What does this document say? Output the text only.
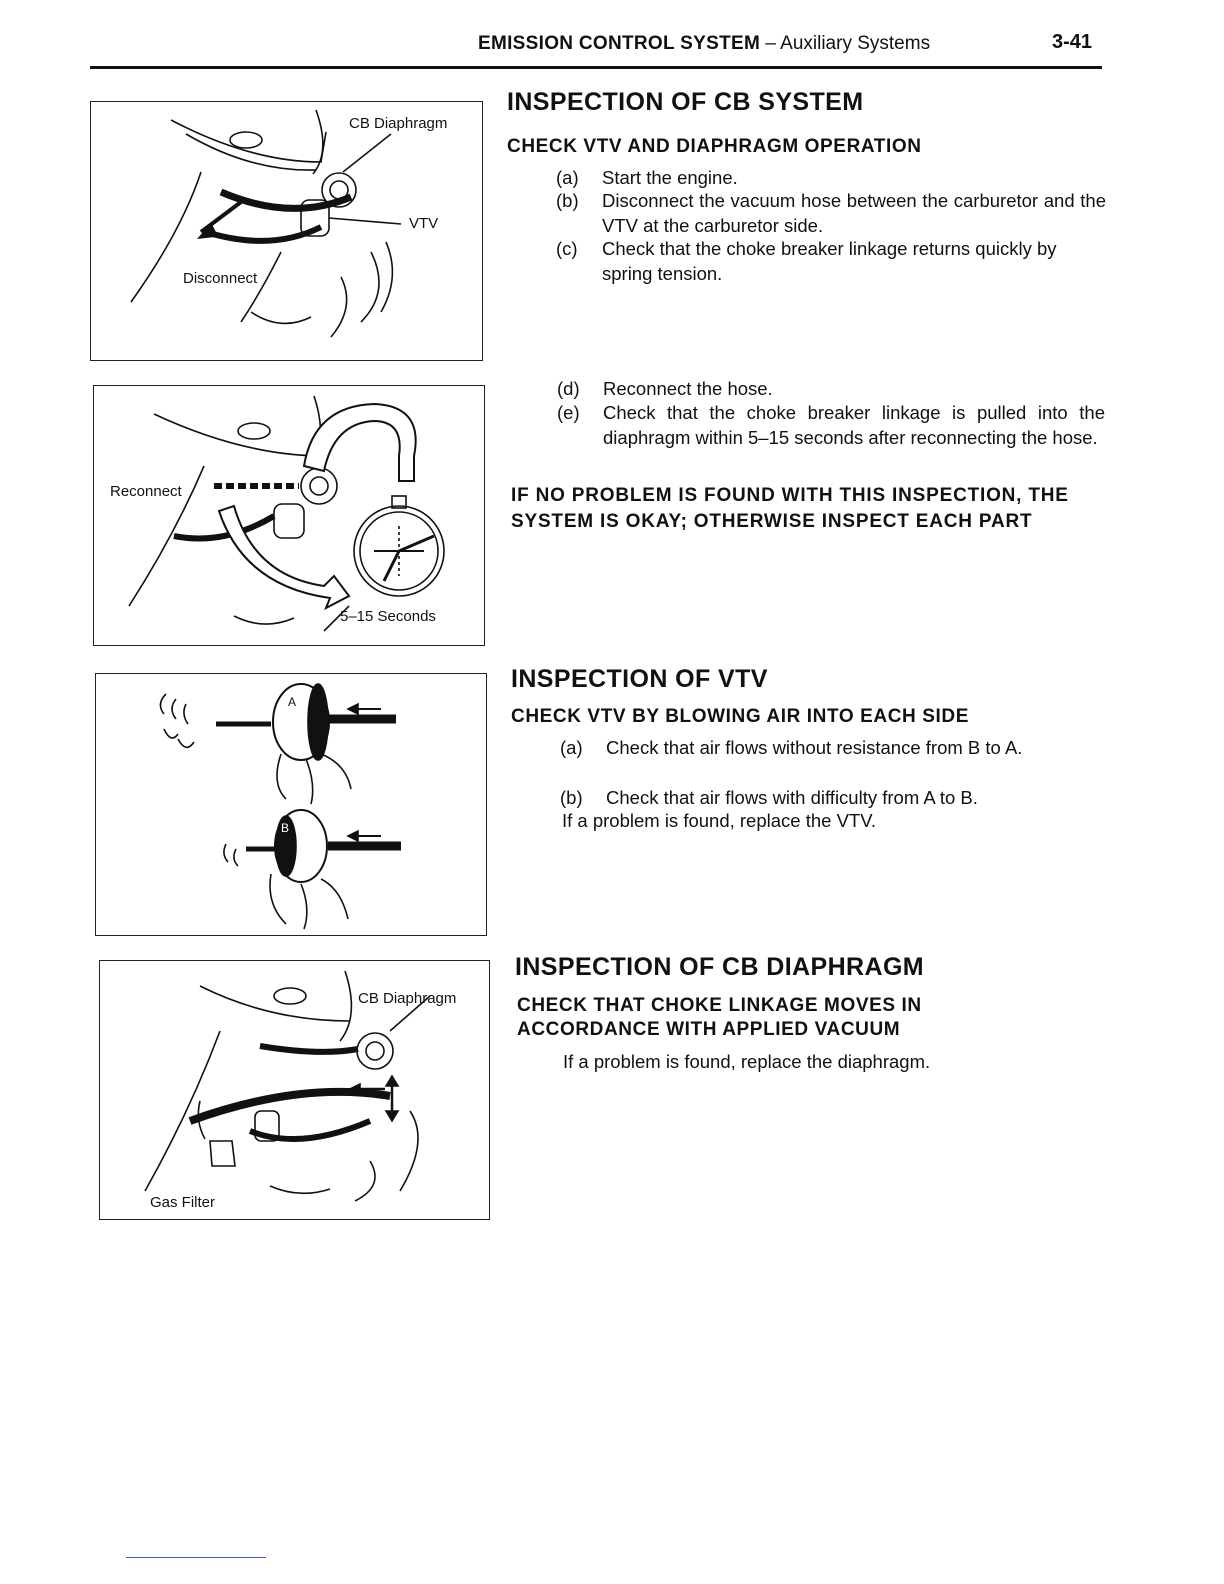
EMISSION CONTROL SYSTEM – Auxiliary Systems	3-41
CB Diaphragm
VTV
Disconnect
Reconnect
5–15 Seconds
A
B
CB Diaphragm
Gas Filter
INSPECTION OF CB SYSTEM
CHECK VTV AND DIAPHRAGM OPERATION
(a) Start the engine.
(b) Disconnect the vacuum hose between the carburetor and the VTV at the carburetor side.
(c) Check that the choke breaker linkage returns quickly by spring tension.
(d) Reconnect the hose.
(e) Check that the choke breaker linkage is pulled into the diaphragm within 5–15 seconds after reconnecting the hose.
IF NO PROBLEM IS FOUND WITH THIS INSPECTION, THE SYSTEM IS OKAY; OTHERWISE INSPECT EACH PART
INSPECTION OF VTV
CHECK VTV BY BLOWING AIR INTO EACH SIDE
(a) Check that air flows without resistance from B to A.
(b) Check that air flows with difficulty from A to B.
If a problem is found, replace the VTV.
INSPECTION OF CB DIAPHRAGM
CHECK THAT CHOKE LINKAGE MOVES IN
ACCORDANCE WITH APPLIED VACUUM
If a problem is found, replace the diaphragm.
